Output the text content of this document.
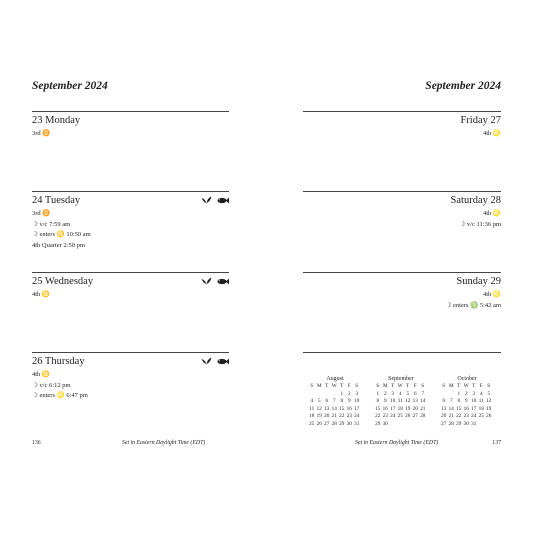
September 2024
23 Monday
3rd ♊
24 Tuesday
3rd ♊
☽ v/c 7:59 am
☽ enters ♋ 10:50 am
4th Quarter 2:50 pm
25 Wednesday
4th ♋
26 Thursday
4th ♋
☽ v/c 6:12 pm
☽ enters ♌ 6:47 pm
136	Set in Eastern Daylight Time (EDT)
September 2024
Friday 27
4th ♌
Saturday 28
4th ♌
☽ v/c 11:36 pm
Sunday 29
4th ♌
☽ enters ♍ 5:42 am
Set in Eastern Daylight Time (EDT)	137
August
S M T W T F S
1 2 3
4 5 6 7 8 9 10
11 12 13 14 15 16 17
18 19 20 21 22 23 24
25 26 27 28 29 30 31
September
S M T W T F S
1 2 3 4 5 6 7
8 9 10 11 12 13 14
15 16 17 18 19 20 21
22 23 24 25 26 27 28
29 30
October
S M T W T F S
1 2 3 4 5
6 7 8 9 10 11 12
13 14 15 16 17 18 19
20 21 22 23 24 25 26
27 28 29 30 31
